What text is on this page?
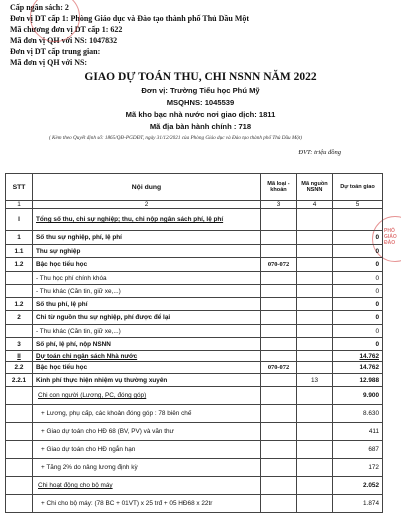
Cấp ngân sách: 2
Đơn vị DT cấp 1: Phòng Giáo dục và Đào tạo thành phố Thủ Dầu Một
Mã chương đơn vị DT cấp 1: 622
Mã đơn vị QH với NS: 1047832
Đơn vị DT cấp trung gian:
Mã đơn vị QH với NS:
GIAO DỰ TOÁN THU, CHI NSNN NĂM 2022
Đơn vị: Trường Tiểu học Phú Mỹ
MSQHNS: 1045539
Mã kho bạc nhà nước nơi giao dịch: 1811
Mã địa bàn hành chính : 718
( Kèm theo Quyết định số: 1865/QĐ-PGDĐT, ngày 31/12/2021 của Phòng Giáo dục và Đào tạo thành phố Thủ Dầu Một)
ĐVT: triệu đồng
PHÒ GIÁO ĐÀO
STT	Nội dung	Mã loại - khoản	Mã nguồn NSNN	Dự toán giao
1	2	3	4	5
I	Tổng số thu, chi sự nghiệp; thu, chi nộp ngân sách phí, lệ phí			
1	Số thu sự nghiệp, phí, lệ phí			0
1.1	Thu sự nghiệp			0
1.2	Bậc học tiểu học	070-072		0
	- Thu học phí chính khóa			0
	- Thu khác (Căn tin, giữ xe,...)			0
1.2	Số thu phí, lệ phí			0
2	Chi từ nguồn thu sự nghiệp, phí được để lại			0
	- Thu khác (Căn tin, giữ xe,...)			0
3	Số phí, lệ phí, nộp NSNN			0
II	Dự toán chi ngân sách Nhà nước			14.762
2.2	Bậc học tiểu học	070-072		14.762
2.2.1	Kinh phí thực hiện nhiệm vụ thường xuyên		13	12.988
	Chi con người (Lương, PC, đóng góp)			9.900
	+ Lương, phụ cấp, các khoản đóng góp : 78 biên chế			8.630
	+ Giao dự toán cho HĐ 68 (BV, PV) và văn thư			411
	+ Giao dự toán cho HĐ ngắn hạn			687
	+ Tăng 2% do nâng lương định kỳ			172
	Chi hoạt động cho bộ máy			2.052
	+ Chi cho bộ máy: (78 BC + 01VT) x 25 trđ + 05 HĐ68 x 22tr			1.874
